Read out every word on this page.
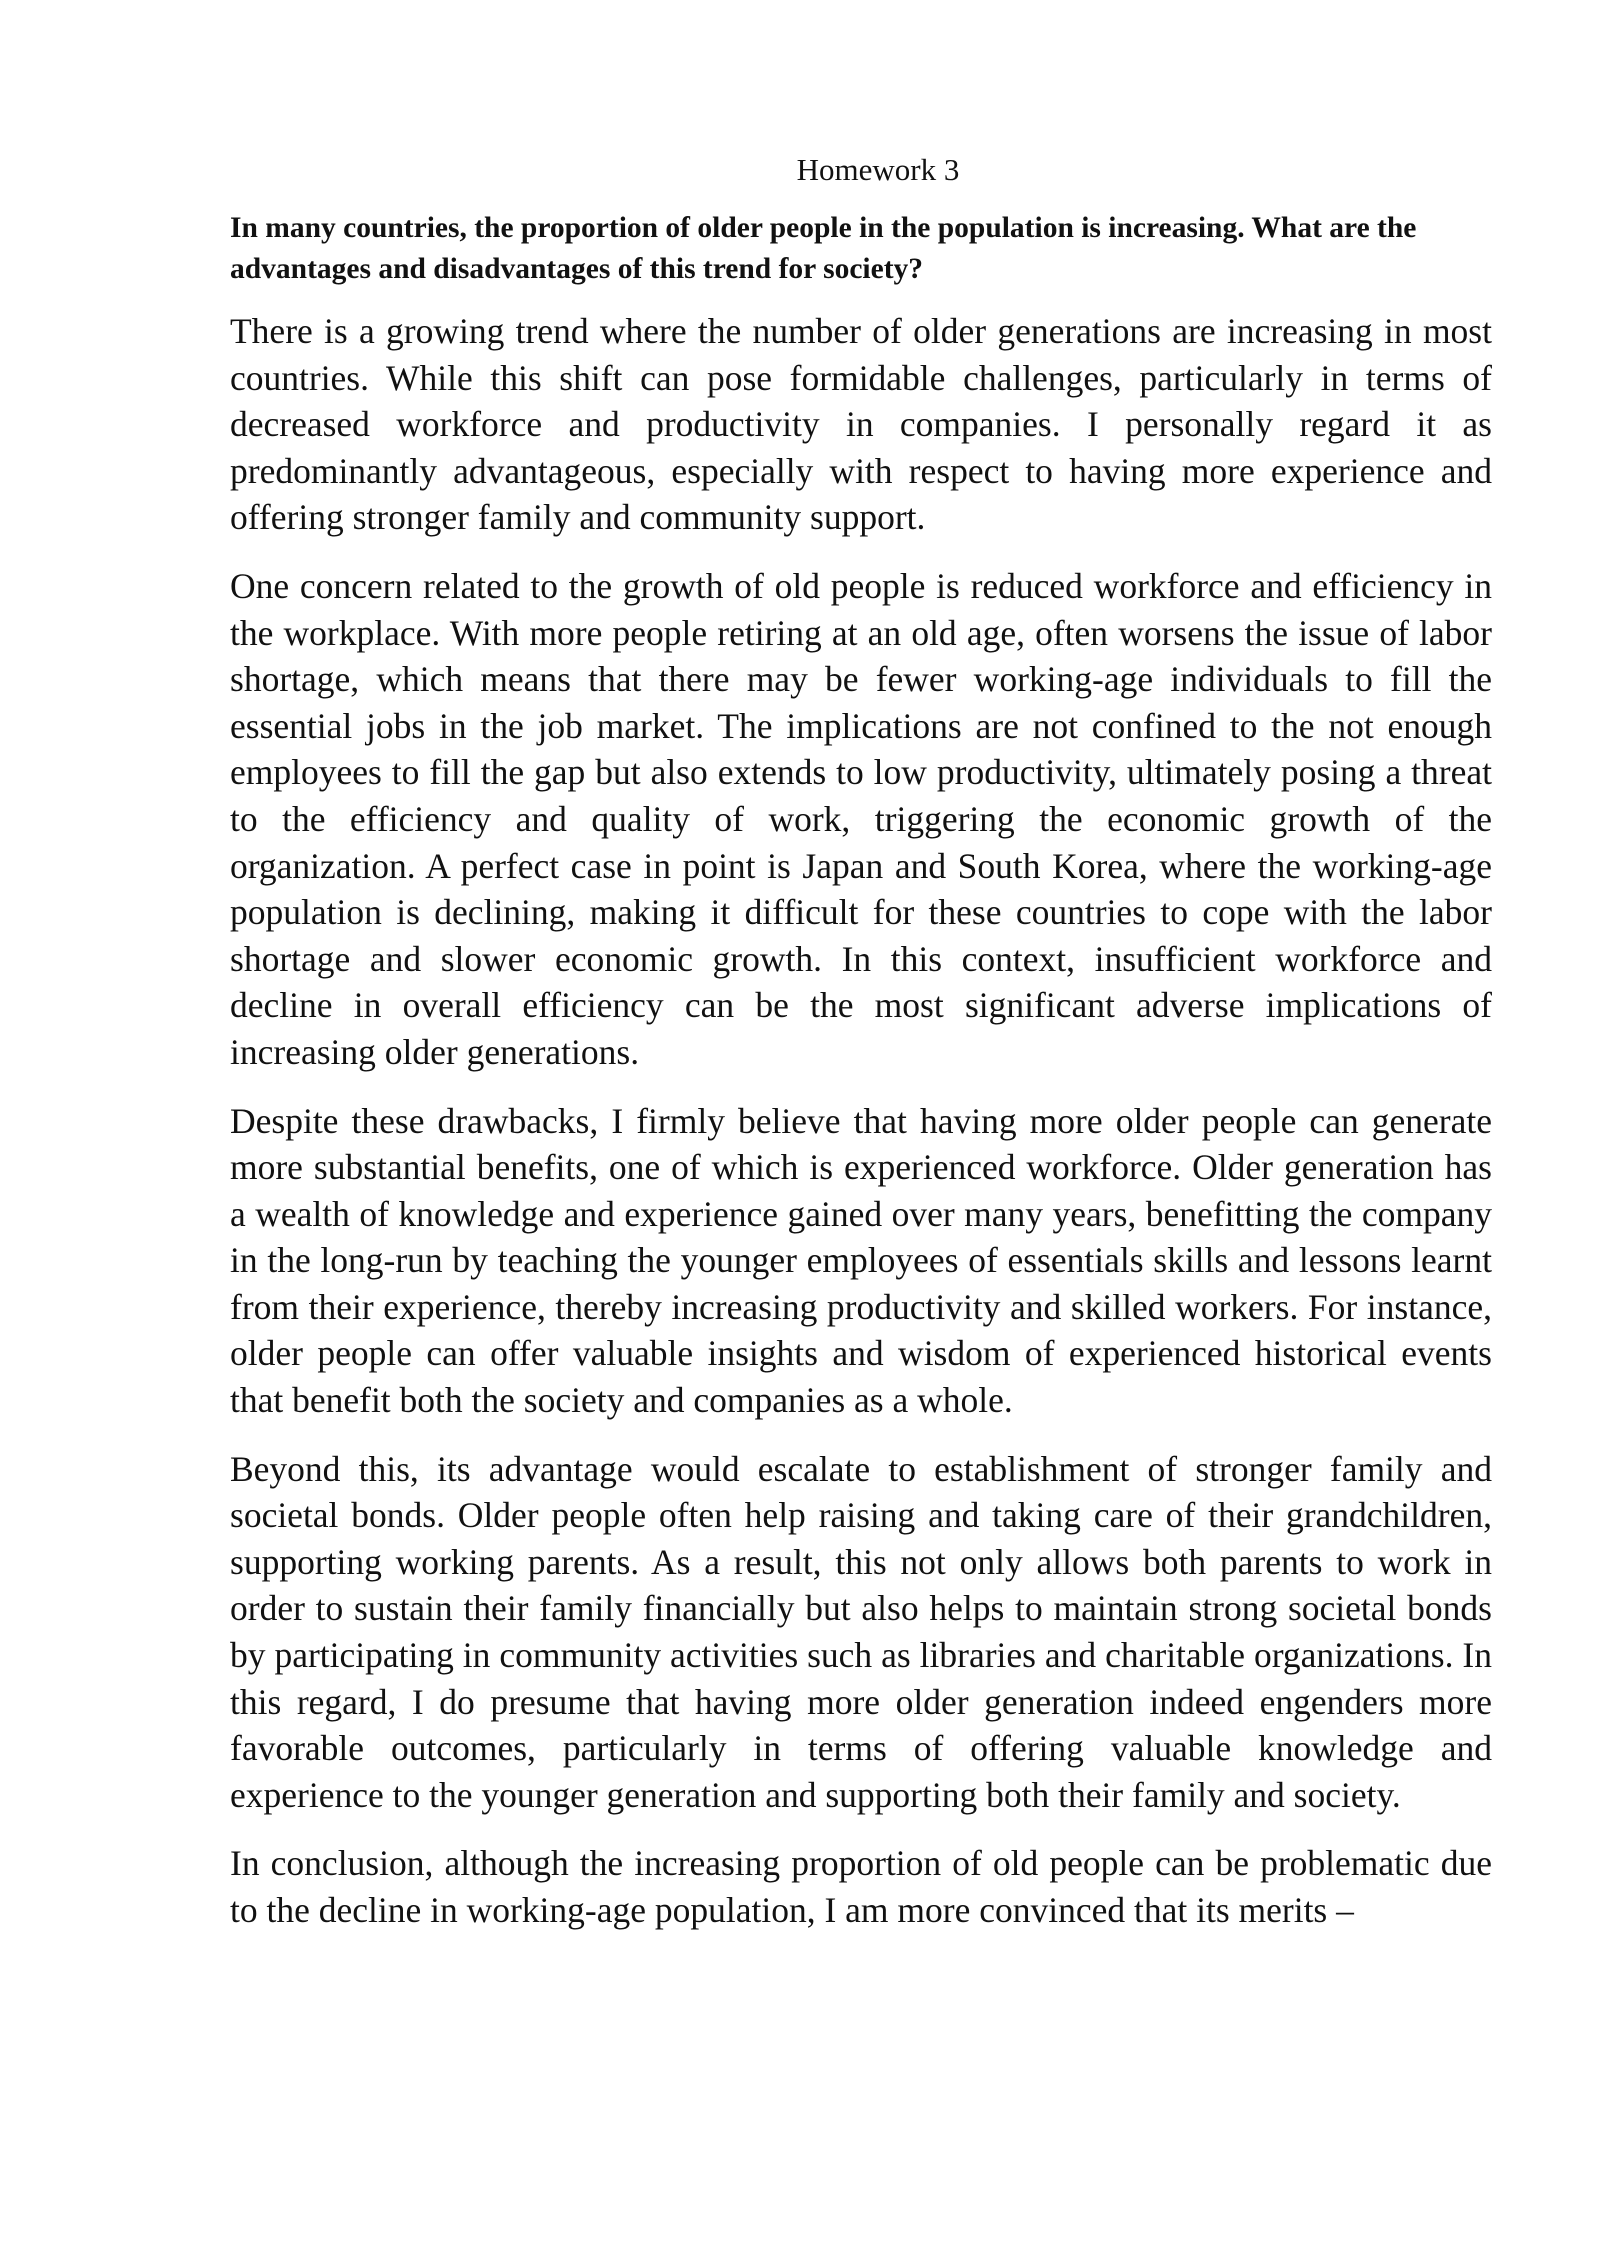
Homework 3
In many countries, the proportion of older people in the population is increasing. What are the advantages and disadvantages of this trend for society?

There is a growing trend where the number of older generations are increasing in most countries. While this shift can pose formidable challenges, particularly in terms of decreased workforce and productivity in companies. I personally regard it as predominantly advantageous, especially with respect to having more experience and offering stronger family and community support.

One concern related to the growth of old people is reduced workforce and efficiency in the workplace. With more people retiring at an old age, often worsens the issue of labor shortage, which means that there may be fewer working-age individuals to fill the essential jobs in the job market. The implications are not confined to the not enough employees to fill the gap but also extends to low productivity, ultimately posing a threat to the efficiency and quality of work, triggering the economic growth of the organization. A perfect case in point is Japan and South Korea, where the working-age population is declining, making it difficult for these countries to cope with the labor shortage and slower economic growth. In this context, insufficient workforce and decline in overall efficiency can be the most significant adverse implications of increasing older generations.

Despite these drawbacks, I firmly believe that having more older people can generate more substantial benefits, one of which is experienced workforce. Older generation has a wealth of knowledge and experience gained over many years, benefitting the company in the long-run by teaching the younger employees of essentials skills and lessons learnt from their experience, thereby increasing productivity and skilled workers. For instance, older people can offer valuable insights and wisdom of experienced historical events that benefit both the society and companies as a whole.

Beyond this, its advantage would escalate to establishment of stronger family and societal bonds. Older people often help raising and taking care of their grandchildren, supporting working parents. As a result, this not only allows both parents to work in order to sustain their family financially but also helps to maintain strong societal bonds by participating in community activities such as libraries and charitable organizations. In this regard, I do presume that having more older generation indeed engenders more favorable outcomes, particularly in terms of offering valuable knowledge and experience to the younger generation and supporting both their family and society.

In conclusion, although the increasing proportion of old people can be problematic due to the decline in working-age population, I am more convinced that its merits –
